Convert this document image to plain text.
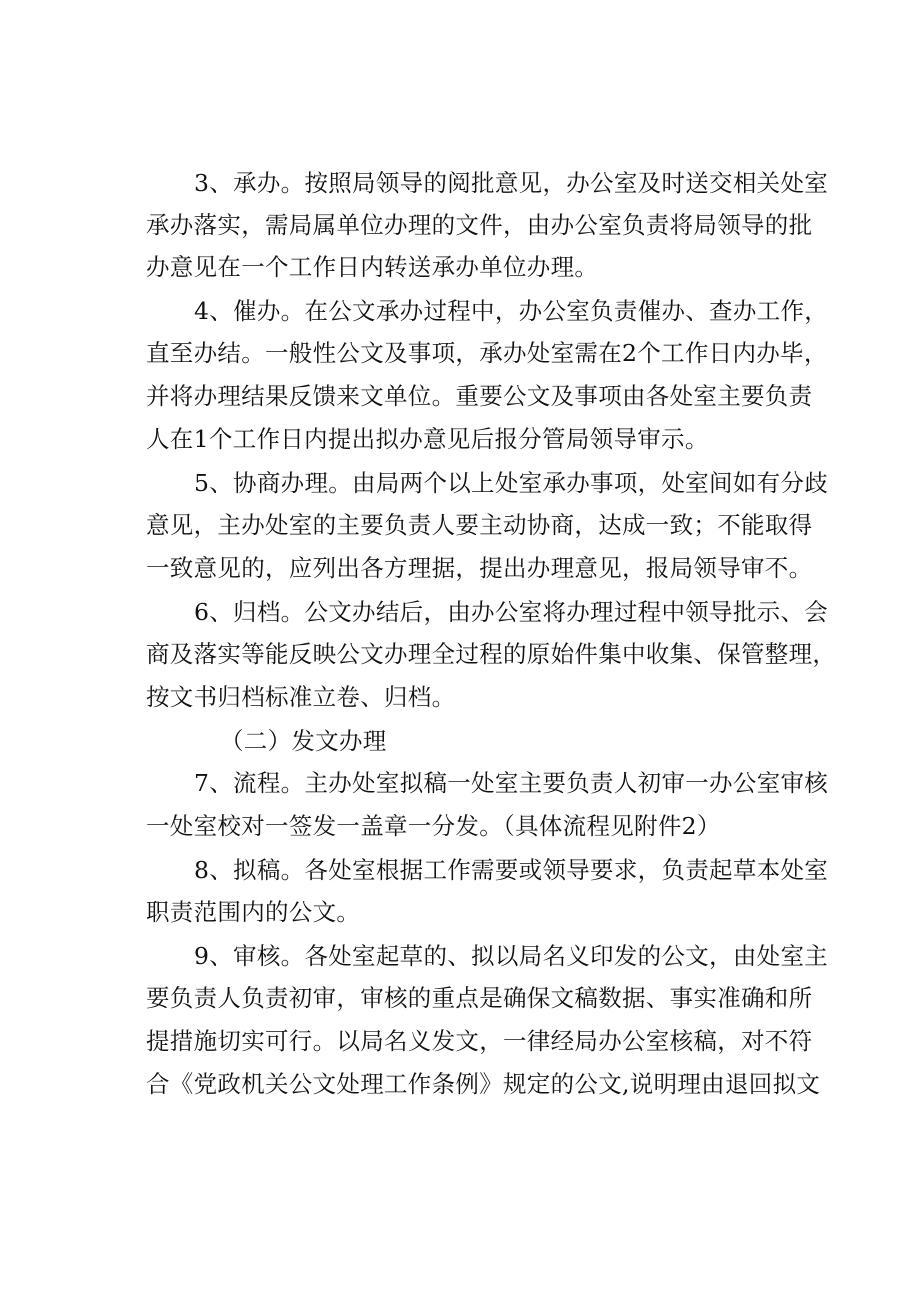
3、承办。按照局领导的阅批意见，办公室及时送交相关处室
承办落实，需局属单位办理的文件，由办公室负责将局领导的批
办意见在一个工作日内转送承办单位办理。
4、催办。在公文承办过程中，办公室负责催办、查办工作，
直至办结。一般性公文及事项，承办处室需在2个工作日内办毕，
并将办理结果反馈来文单位。重要公文及事项由各处室主要负责
人在1个工作日内提出拟办意见后报分管局领导审示。
5、协商办理。由局两个以上处室承办事项，处室间如有分歧
意见，主办处室的主要负责人要主动协商，达成一致；不能取得
一致意见的，应列出各方理据，提出办理意见，报局领导审不。
6、归档。公文办结后，由办公室将办理过程中领导批示、会
商及落实等能反映公文办理全过程的原始件集中收集、保管整理，
按文书归档标准立卷、归档。
（二）发文办理
7、流程。主办处室拟稿一处室主要负责人初审一办公室审核
一处室校对一签发一盖章一分发。（具体流程见附件2）
8、拟稿。各处室根据工作需要或领导要求，负责起草本处室
职责范围内的公文。
9、审核。各处室起草的、拟以局名义印发的公文，由处室主
要负责人负责初审，审核的重点是确保文稿数据、事实准确和所
提措施切实可行。以局名义发文，一律经局办公室核稿，对不符
合《党政机关公文处理工作条例》规定的公文,说明理由退回拟文
